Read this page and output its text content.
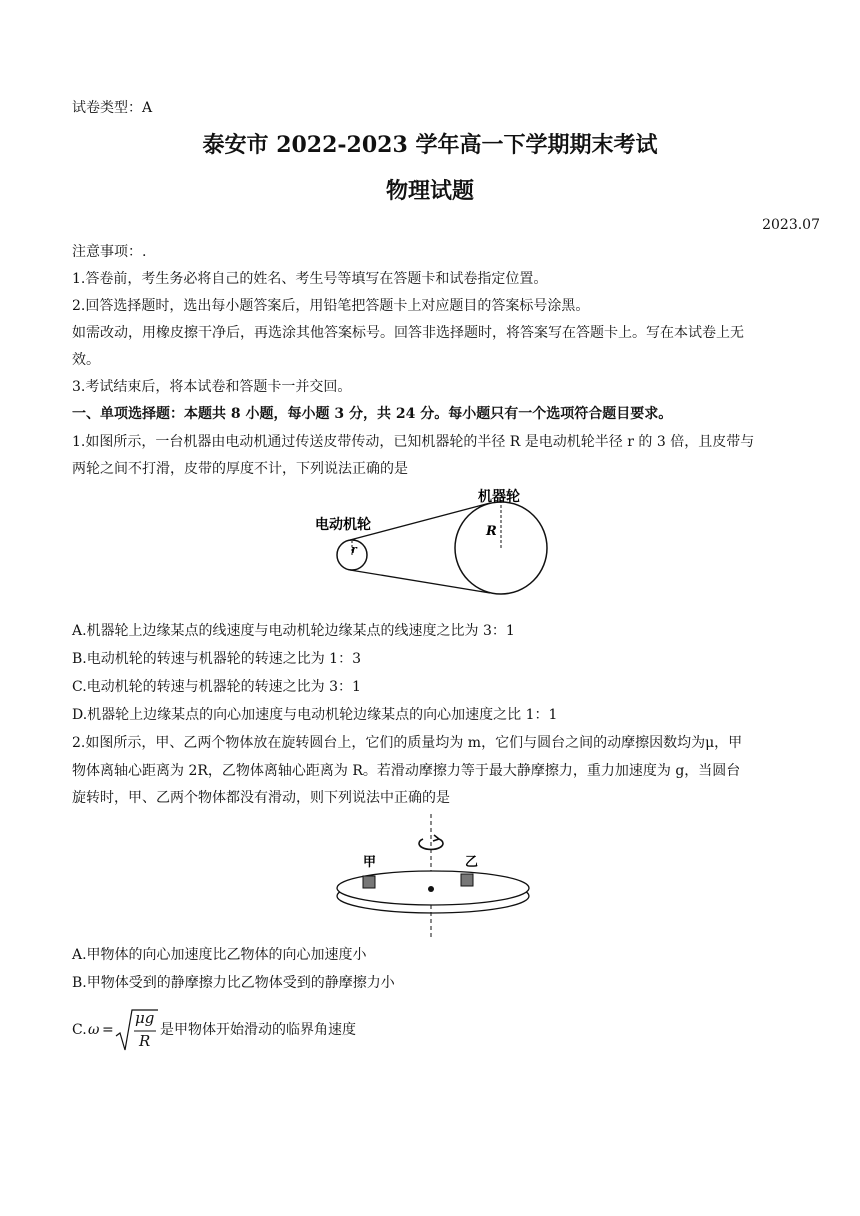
试卷类型：A
泰安市 2022-2023 学年高一下学期期末考试
物理试题
2023.07
注意事项：.
1.答卷前，考生务必将自己的姓名、考生号等填写在答题卡和试卷指定位置。
2.回答选择题时，选出每小题答案后，用铅笔把答题卡上对应题目的答案标号涂黑。
如需改动，用橡皮擦干净后，再选涂其他答案标号。回答非选择题时，将答案写在答题卡上。写在本试卷上无
效。
3.考试结束后，将本试卷和答题卡一并交回。
一、单项选择题：本题共 8 小题，每小题 3 分，共 24 分。每小题只有一个选项符合题目要求。
1.如图所示，一台机器由电动机通过传送皮带传动，已知机器轮的半径 R 是电动机轮半径 r 的 3 倍，且皮带与
两轮之间不打滑，皮带的厚度不计，下列说法正确的是
机器轮
电动机轮	R
r
A.机器轮上边缘某点的线速度与电动机轮边缘某点的线速度之比为 3：1
B.电动机轮的转速与机器轮的转速之比为 1：3
C.电动机轮的转速与机器轮的转速之比为 3：1
D.机器轮上边缘某点的向心加速度与电动机轮边缘某点的向心加速度之比 1：1
2.如图所示，甲、乙两个物体放在旋转圆台上，它们的质量均为 m，它们与圆台之间的动摩擦因数均为μ，甲
物体离轴心距离为 2R，乙物体离轴心距离为 R。若滑动摩擦力等于最大静摩擦力，重力加速度为 g，当圆台
旋转时，甲、乙两个物体都没有滑动，则下列说法中正确的是
甲	乙
A.甲物体的向心加速度比乙物体的向心加速度小
B.甲物体受到的静摩擦力比乙物体受到的静摩擦力小
C. ω =
μg
R
是甲物体开始滑动的临界角速度
